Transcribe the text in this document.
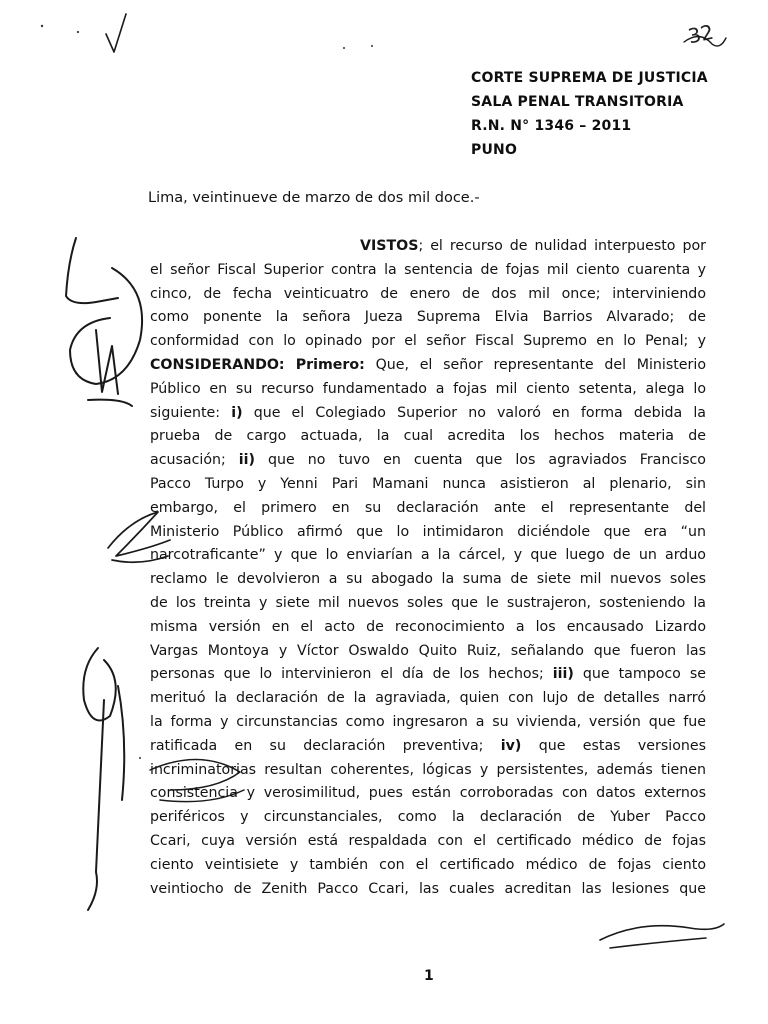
32
CORTE SUPREMA DE JUSTICIA
SALA PENAL TRANSITORIA
R.N. N° 1346 – 2011
PUNO
Lima, veintinueve de marzo de dos mil doce.-
VISTOS; el recurso de nulidad interpuesto por
el señor Fiscal Superior contra la sentencia de fojas mil ciento cuarenta y
cinco, de fecha veinticuatro de enero de dos mil once; interviniendo
como ponente la señora Jueza Suprema Elvia Barrios Alvarado; de
conformidad con lo opinado por el señor Fiscal Supremo en lo Penal; y
CONSIDERANDO: Primero: Que, el señor representante del Ministerio
Público en su recurso fundamentado a fojas mil ciento setenta, alega lo
siguiente: i) que el Colegiado Superior no valoró en forma debida la
prueba de cargo actuada, la cual acredita los hechos materia de
acusación; ii) que no tuvo en cuenta que los agraviados Francisco
Pacco Turpo y Yenni Pari Mamani nunca asistieron al plenario, sin
embargo, el primero en su declaración ante el representante del
Ministerio Público afirmó que lo intimidaron diciéndole que era “un
narcotraficante” y que lo enviarían a la cárcel, y que luego de un arduo
reclamo le devolvieron a su abogado la suma de siete mil nuevos soles
de los treinta y siete mil nuevos soles que le sustrajeron, sosteniendo la
misma versión en el acto de reconocimiento a los encausado Lizardo
Vargas Montoya y Víctor Oswaldo Quito Ruiz, señalando que fueron las
personas que lo intervinieron el día de los hechos; iii) que tampoco se
merituó la declaración de la agraviada, quien con lujo de detalles narró
la forma y circunstancias como ingresaron a su vivienda, versión que fue
ratificada en su declaración preventiva; iv) que estas versiones
incriminatorias resultan coherentes, lógicas y persistentes, además tienen
consistencia y verosimilitud, pues están corroboradas con datos externos
periféricos y circunstanciales, como la declaración de Yuber Pacco
Ccari, cuya versión está respaldada con el certificado médico de fojas
ciento veintisiete y también con el certificado médico de fojas ciento
veintiocho de Zenith Pacco Ccari, las cuales acreditan las lesiones que
1
